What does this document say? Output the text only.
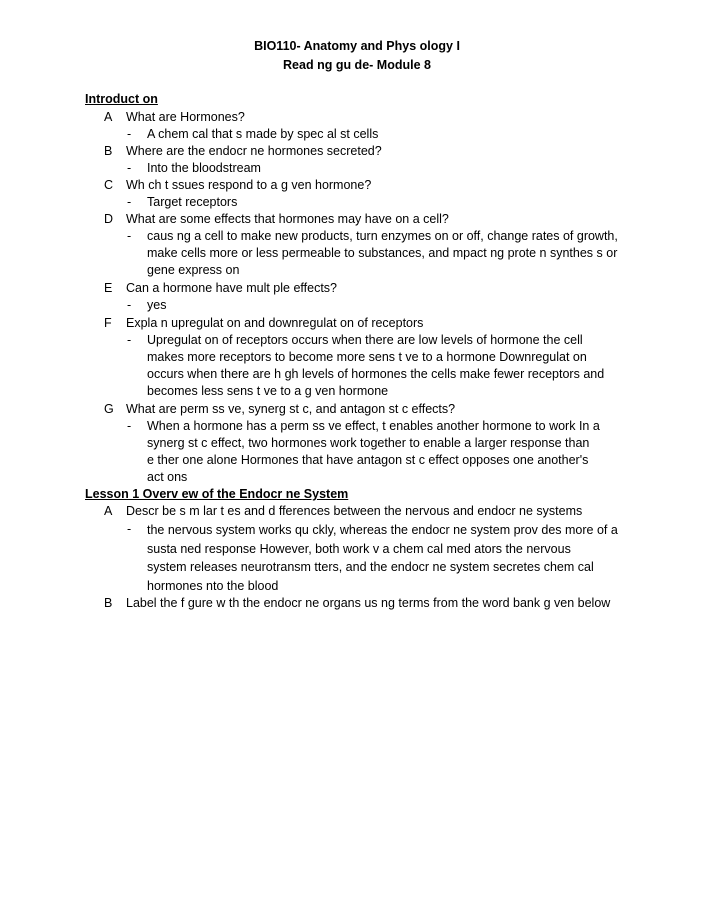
BIO110- Anatomy and Phys ology I
Read ng gu de- Module 8
Introduct on
A What are Hormones?
- A chem cal that s made by spec al st cells
B Where are the endocr ne hormones secreted?
- Into the bloodstream
C Wh ch t ssues respond to a g ven hormone?
- Target receptors
D What are some effects that hormones may have on a cell?
- caus ng a cell to make new products, turn enzymes on or off, change rates of growth,
make cells more or less permeable to substances, and mpact ng prote n synthes s or
gene express on
E Can a hormone have mult ple effects?
- yes
F Expla n upregulat on and downregulat on of receptors
- Upregulat on of receptors occurs when there are low levels of hormone the cell
makes more receptors to become more sens t ve to a hormone Downregulat on
occurs when there are h gh levels of hormones the cells make fewer receptors and
becomes less sens t ve to a g ven hormone
G What are perm ss ve, synerg st c, and antagon st c effects?
- When a hormone has a perm ss ve effect, t enables another hormone to work In a
synerg st c effect, two hormones work together to enable a larger response than
e ther one alone Hormones that have antagon st c effect opposes one another's
act ons
Lesson 1 Overv ew of the Endocr ne System
A Descr be s m lar t es and d fferences between the nervous and endocr ne systems
- the nervous system works qu ckly, whereas the endocr ne system prov des more of a
susta ned response However, both work v a chem cal med ators the nervous
system releases neurotransm tters, and the endocr ne system secretes chem cal
hormones nto the blood
B Label the f gure w th the endocr ne organs us ng terms from the word bank g ven below
